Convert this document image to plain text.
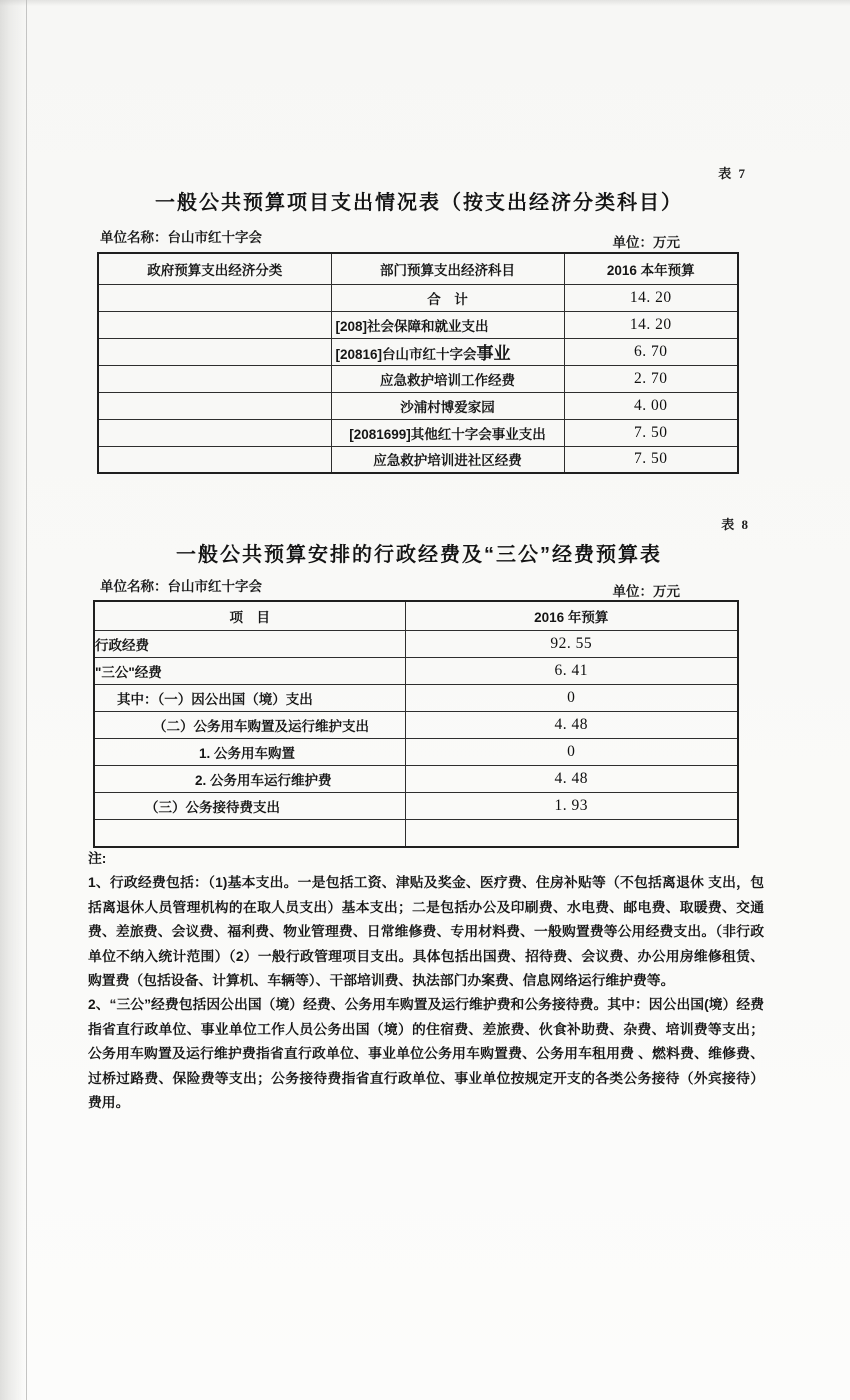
表 7
一般公共预算项目支出情况表（按支出经济分类科目）
单位名称：台山市红十字会	单位：万元
政府预算支出经济分类	部门预算支出经济科目	2016 本年预算
	合　计	14. 20
	[208]社会保障和就业支出	14. 20
	[20816]台山市红十字会事业	6. 70
	应急救护培训工作经费	2. 70
	沙浦村博爱家园	4. 00
	[2081699]其他红十字会事业支出	7. 50
	应急救护培训进社区经费	7. 50
表 8
一般公共预算安排的行政经费及“三公”经费预算表
单位名称：台山市红十字会	单位：万元
项　目	2016 年预算
行政经费	92. 55
"三公"经费	6. 41
其中：（一）因公出国（境）支出	0
（二）公务用车购置及运行维护支出	4. 48
1. 公务用车购置	0
2. 公务用车运行维护费	4. 48
（三）公务接待费支出	1. 93

注:

1、行政经费包括：（1)基本支出。一是包括工资、津贴及奖金、医疗费、住房补贴等（不包括离退休 支出，包括离退休人员管理机构的在取人员支出）基本支出；二是包括办公及印刷费、水电费、邮电费、取暖费、交通费、差旅费、会议费、福利费、物业管理费、日常维修费、专用材料费、一般购置费等公用经费支出。（非行政单位不纳入统计范围）（2）一般行政管理项目支出。具体包括出国费、招待费、会议费、办公用房维修租赁、购置费（包括设备、计算机、车辆等）、干部培训费、执法部门办案费、信息网络运行维护费等。

2、“三公”经费包括因公出国（境）经费、公务用车购置及运行维护费和公务接待费。其中：因公出国(境）经费指省直行政单位、事业单位工作人员公务出国（境）的住宿费、差旅费、伙食补助费、杂费、培训费等支出；公务用车购置及运行维护费指省直行政单位、事业单位公务用车购置费、公务用车租用费 、燃料费、维修费、过桥过路费、保险费等支出；公务接待费指省直行政单位、事业单位按规定开支的各类公务接待（外宾接待）费用。
